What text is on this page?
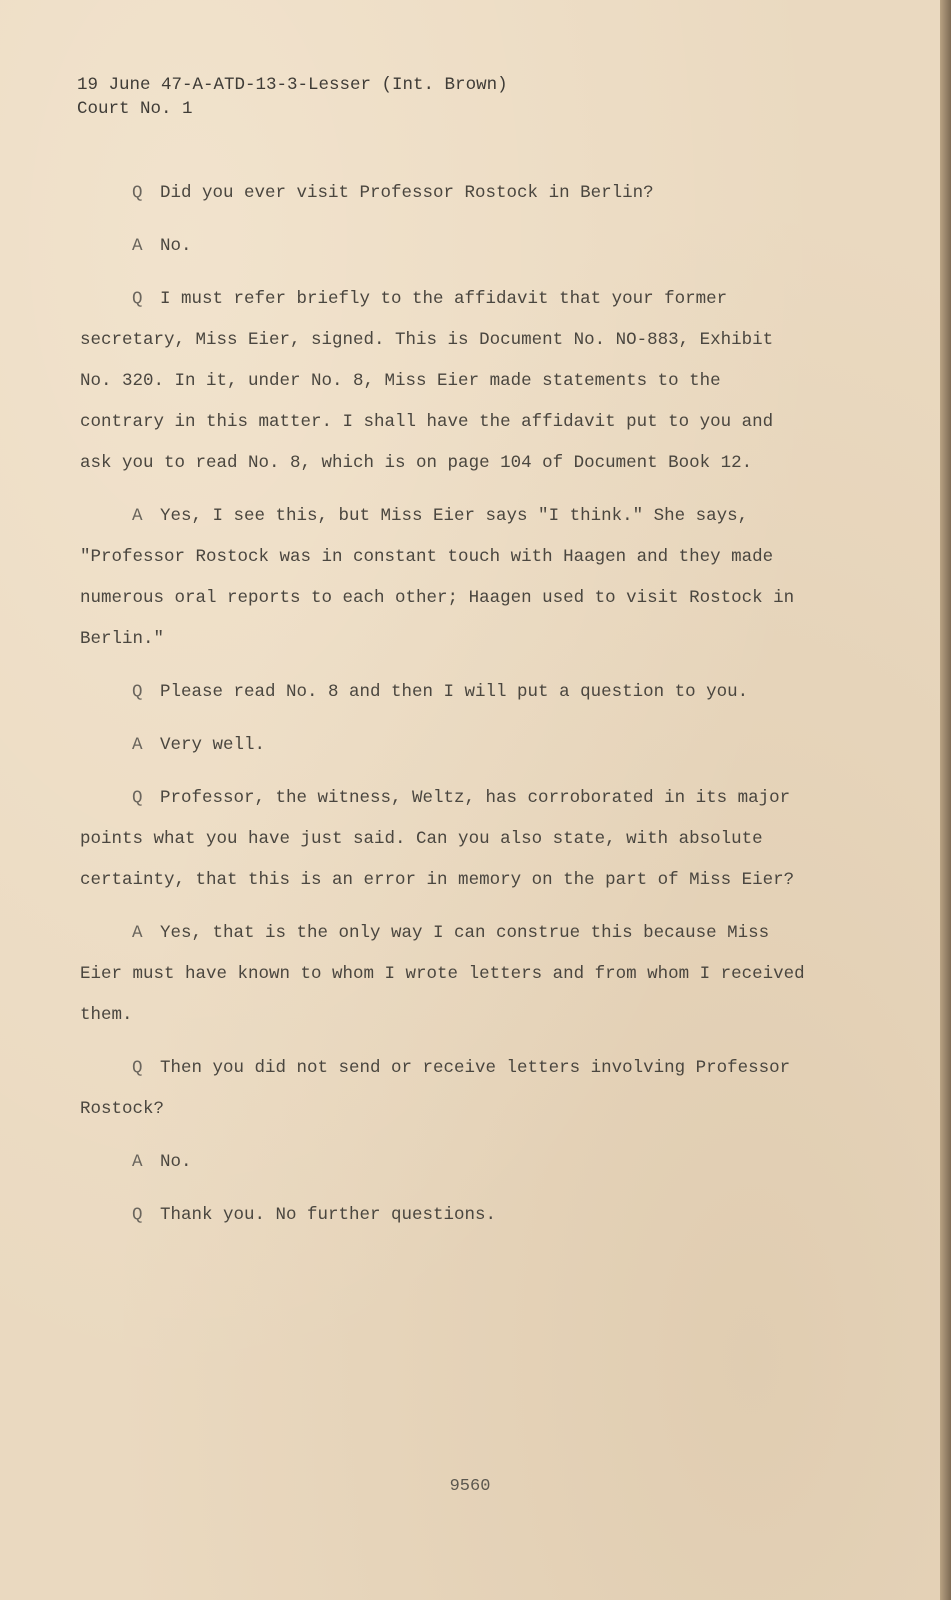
19 June 47-A-ATD-13-3-Lesser (Int. Brown)
Court No. 1

Q Did you ever visit Professor Rostock in Berlin?

A No.

Q I must refer briefly to the affidavit that your former secretary, Miss Eier, signed. This is Document No. NO-883, Exhibit No. 320. In it, under No. 8, Miss Eier made statements to the contrary in this matter. I shall have the affidavit put to you and ask you to read No. 8, which is on page 104 of Document Book 12.

A Yes, I see this, but Miss Eier says "I think." She says, "Professor Rostock was in constant touch with Haagen and they made numerous oral reports to each other; Haagen used to visit Rostock in Berlin."

Q Please read No. 8 and then I will put a question to you.

A Very well.

Q Professor, the witness, Weltz, has corroborated in its major points what you have just said. Can you also state, with absolute certainty, that this is an error in memory on the part of Miss Eier?

A Yes, that is the only way I can construe this because Miss Eier must have known to whom I wrote letters and from whom I received them.

Q Then you did not send or receive letters involving Professor Rostock?

A No.

Q Thank you. No further questions.

9560
